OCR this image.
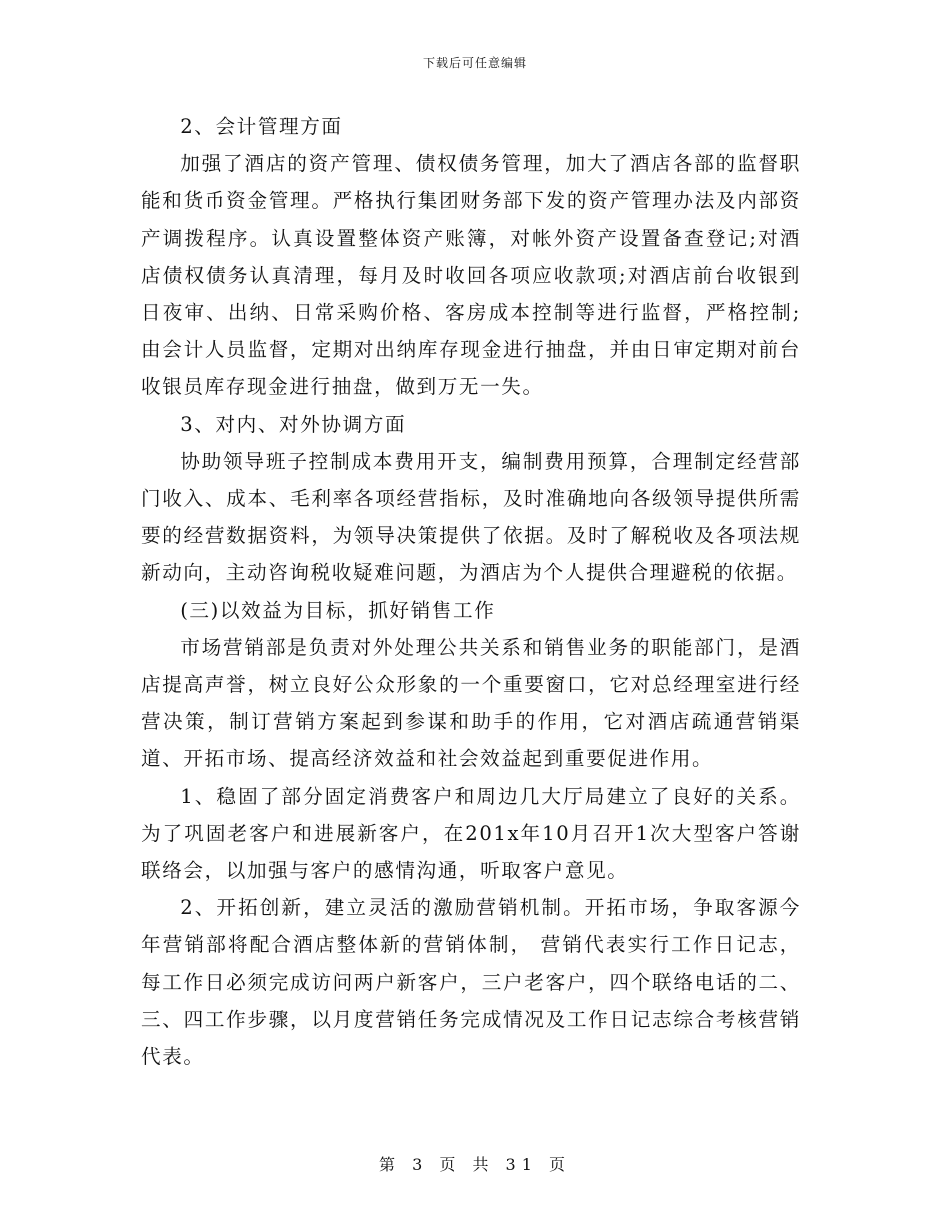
下载后可任意编辑

2、会计管理方面

加强了酒店的资产管理、债权债务管理，加大了酒店各部的监督职能和货币资金管理。严格执行集团财务部下发的资产管理办法及内部资产调拨程序。认真设置整体资产账簿，对帐外资产设置备查登记;对酒店债权债务认真清理，每月及时收回各项应收款项;对酒店前台收银到日夜审、出纳、日常采购价格、客房成本控制等进行监督，严格控制;由会计人员监督，定期对出纳库存现金进行抽盘，并由日审定期对前台收银员库存现金进行抽盘，做到万无一失。

3、对内、对外协调方面

协助领导班子控制成本费用开支，编制费用预算，合理制定经营部门收入、成本、毛利率各项经营指标，及时准确地向各级领导提供所需要的经营数据资料，为领导决策提供了依据。及时了解税收及各项法规新动向，主动咨询税收疑难问题，为酒店为个人提供合理避税的依据。

(三)以效益为目标，抓好销售工作

市场营销部是负责对外处理公共关系和销售业务的职能部门，是酒店提高声誉，树立良好公众形象的一个重要窗口，它对总经理室进行经营决策，制订营销方案起到参谋和助手的作用，它对酒店疏通营销渠道、开拓市场、提高经济效益和社会效益起到重要促进作用。

1、稳固了部分固定消费客户和周边几大厅局建立了良好的关系。为了巩固老客户和进展新客户，在201x年10月召开1次大型客户答谢联络会，以加强与客户的感情沟通，听取客户意见。

2、开拓创新，建立灵活的激励营销机制。开拓市场，争取客源今年营销部将配合酒店整体新的营销体制， 营销代表实行工作日记志，每工作日必须完成访问两户新客户，三户老客户，四个联络电话的二、三、四工作步骤，以月度营销任务完成情况及工作日记志综合考核营销代表。

第 3 页 共 31 页
